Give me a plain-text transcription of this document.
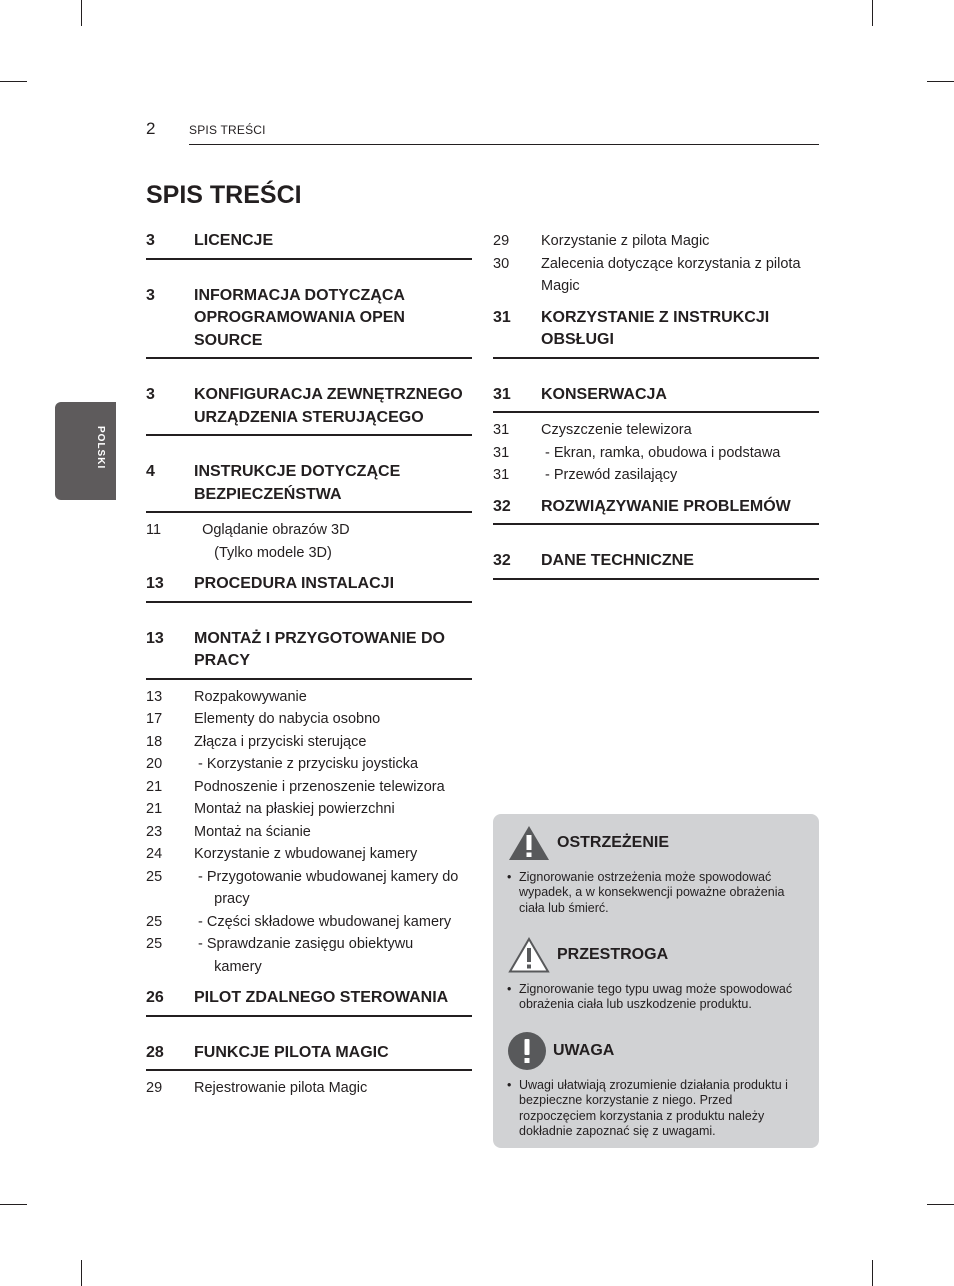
2	SPIS TREŚCI
SPIS TREŚCI
POLSKI
3	LICENCJE
3	INFORMACJA DOTYCZĄCA OPROGRAMOWANIA OPEN SOURCE
3	KONFIGURACJA ZEWNĘTRZNEGO URZĄDZENIA STERUJĄCEGO
4	INSTRUKCJE DOTYCZĄCE BEZPIECZEŃSTWA
11	Oglądanie obrazów 3D
(Tylko modele 3D)
13	PROCEDURA INSTALACJI
13	MONTAŻ I PRZYGOTOWANIE DO PRACY
13	Rozpakowywanie
17	Elementy do nabycia osobno
18	Złącza i przyciski sterujące
20	- Korzystanie z przycisku joysticka
21	Podnoszenie i przenoszenie telewizora
21	Montaż na płaskiej powierzchni
23	Montaż na ścianie
24	Korzystanie z wbudowanej kamery
25	- Przygotowanie wbudowanej kamery do
pracy
25	- Części składowe wbudowanej kamery
25	- Sprawdzanie zasięgu obiektywu
kamery
26	PILOT ZDALNEGO STEROWANIA
28	FUNKCJE PILOTA MAGIC
29	Rejestrowanie pilota Magic
29	Korzystanie z pilota Magic
30	Zalecenia dotyczące korzystania z pilota Magic
31	KORZYSTANIE Z INSTRUKCJI OBSŁUGI
31	KONSERWACJA
31	Czyszczenie telewizora
31	- Ekran, ramka, obudowa i podstawa
31	- Przewód zasilający
32	ROZWIĄZYWANIE PROBLEMÓW
32	DANE TECHNICZNE
OSTRZEŻENIE
• Zignorowanie ostrzeżenia może spowodować wypadek, a w konsekwencji poważne obrażenia ciała lub śmierć.
PRZESTROGA
• Zignorowanie tego typu uwag może spowodować obrażenia ciała lub uszkodzenie produktu.
UWAGA
• Uwagi ułatwiają zrozumienie działania produktu i bezpieczne korzystanie z niego. Przed rozpoczęciem korzystania z produktu należy dokładnie zapoznać się z uwagami.
